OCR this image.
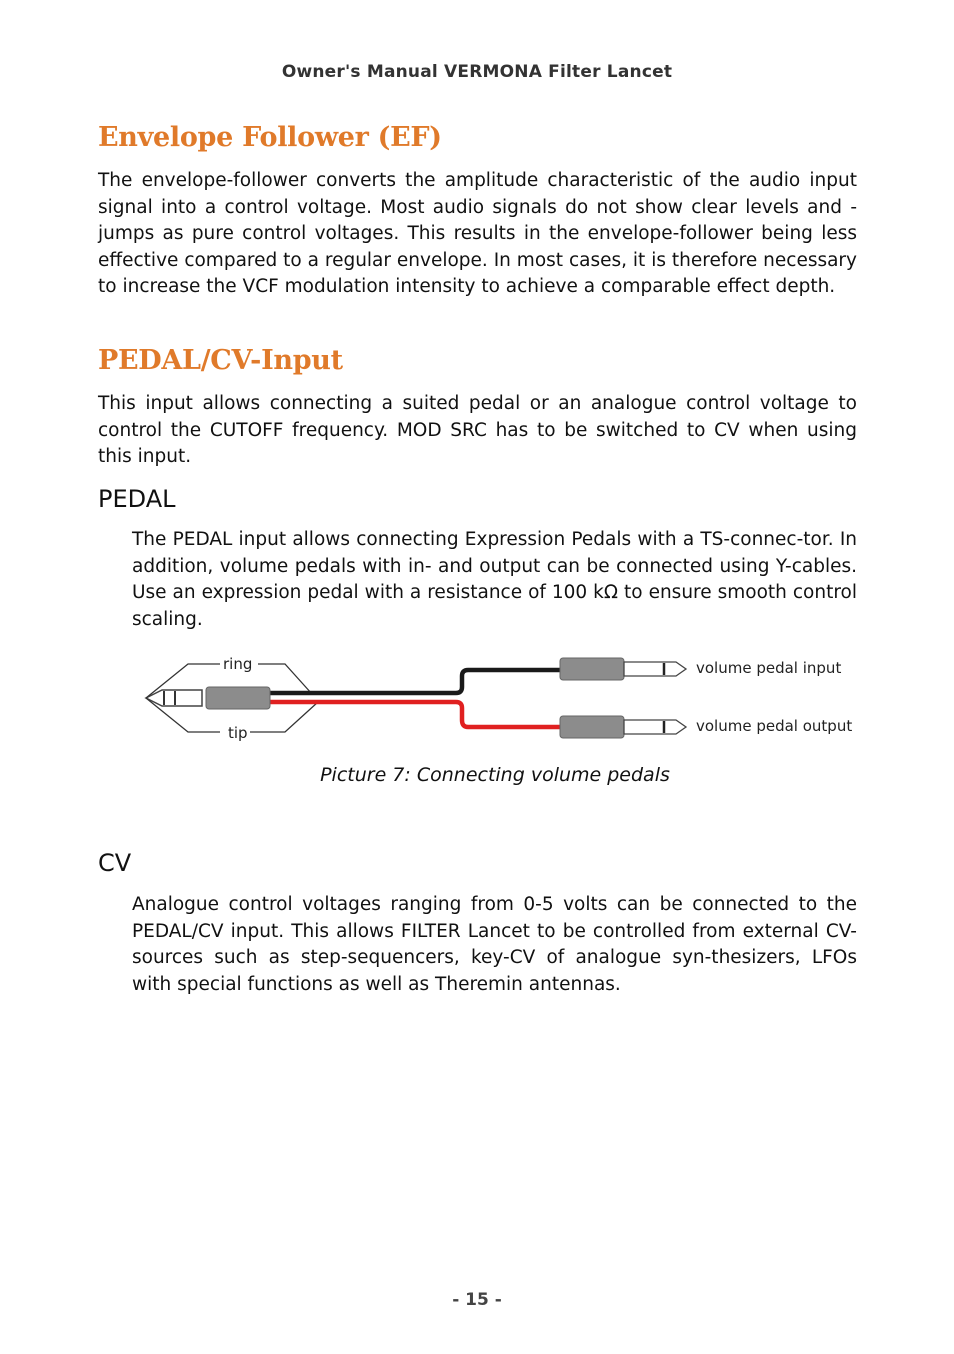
Owner's Manual VERMONA Filter Lancet
Envelope Follower (EF)

The envelope-follower converts the amplitude characteristic of the audio input signal into a control voltage. Most audio signals do not show clear levels and -jumps as pure control voltages. This results in the envelope-follower being less effective compared to a regular envelope. In most cases, it is therefore necessary to increase the VCF modulation intensity to achieve a comparable effect depth.

PEDAL/CV-Input

This input allows connecting a suited pedal or an analogue control voltage to control the CUTOFF frequency. MOD SRC has to be switched to CV when using this input.

PEDAL

The PEDAL input allows connecting Expression Pedals with a TS-connec-tor. In addition, volume pedals with in- and output can be connected using Y-cables. Use an expression pedal with a resistance of 100 kΩ to ensure smooth control scaling.

ring
tip
volume pedal input
volume pedal output
Picture 7: Connecting volume pedals
CV

Analogue control voltages ranging from 0-5 volts can be connected to the PEDAL/CV input. This allows FILTER Lancet to be controlled from external CV-sources such as step-sequencers, key-CV of analogue syn-thesizers, LFOs with special functions as well as Theremin antennas.

- 15 -
